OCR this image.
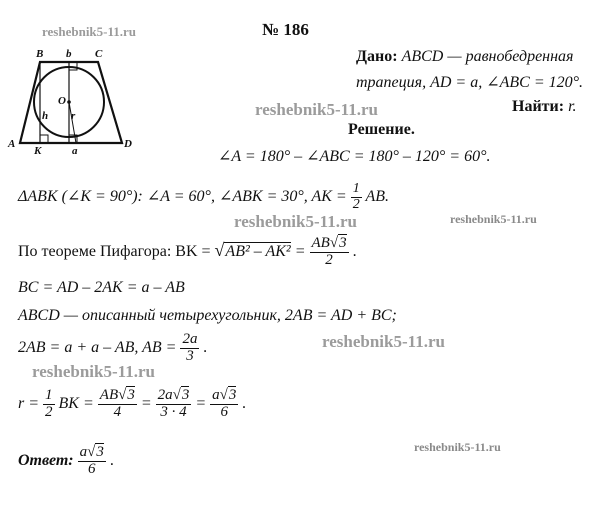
№ 186
reshebnik5-11.ru
reshebnik5-11.ru
reshebnik5-11.ru	reshebnik5-11.ru
reshebnik5-11.ru
reshebnik5-11.ru
reshebnik5-11.ru
B b C
O
h r
A
K	a
D
Дано: ABCD — равнобедренная
трапеция, AD = a, ∠ABC = 120°.
Найти: r.
Решение.
∠A = 180° – ∠ABC = 180° – 120° = 60°.
ΔABK (∠K = 90°): ∠A = 60°, ∠ABK = 30°, AK = $\frac{1}{2}$ AB.
По теореме Пифагора: BK = $√AB^2 - AK^2 = \frac{AB√3}{2}$ .
BC = AD – 2AK = a – AB
ABCD — описанный четырехугольник, 2AB = AD + BC;
2AB = a + a – AB, AB = $\frac{2a}{3}$ .
$r = \frac{1}{2}$ BK = $\frac{AB√3}{4} = \frac{2a√3}{3 \cdot 4} = \frac{a√3}{6}$ .
Ответ: $\frac{a√3}{6}$ .
